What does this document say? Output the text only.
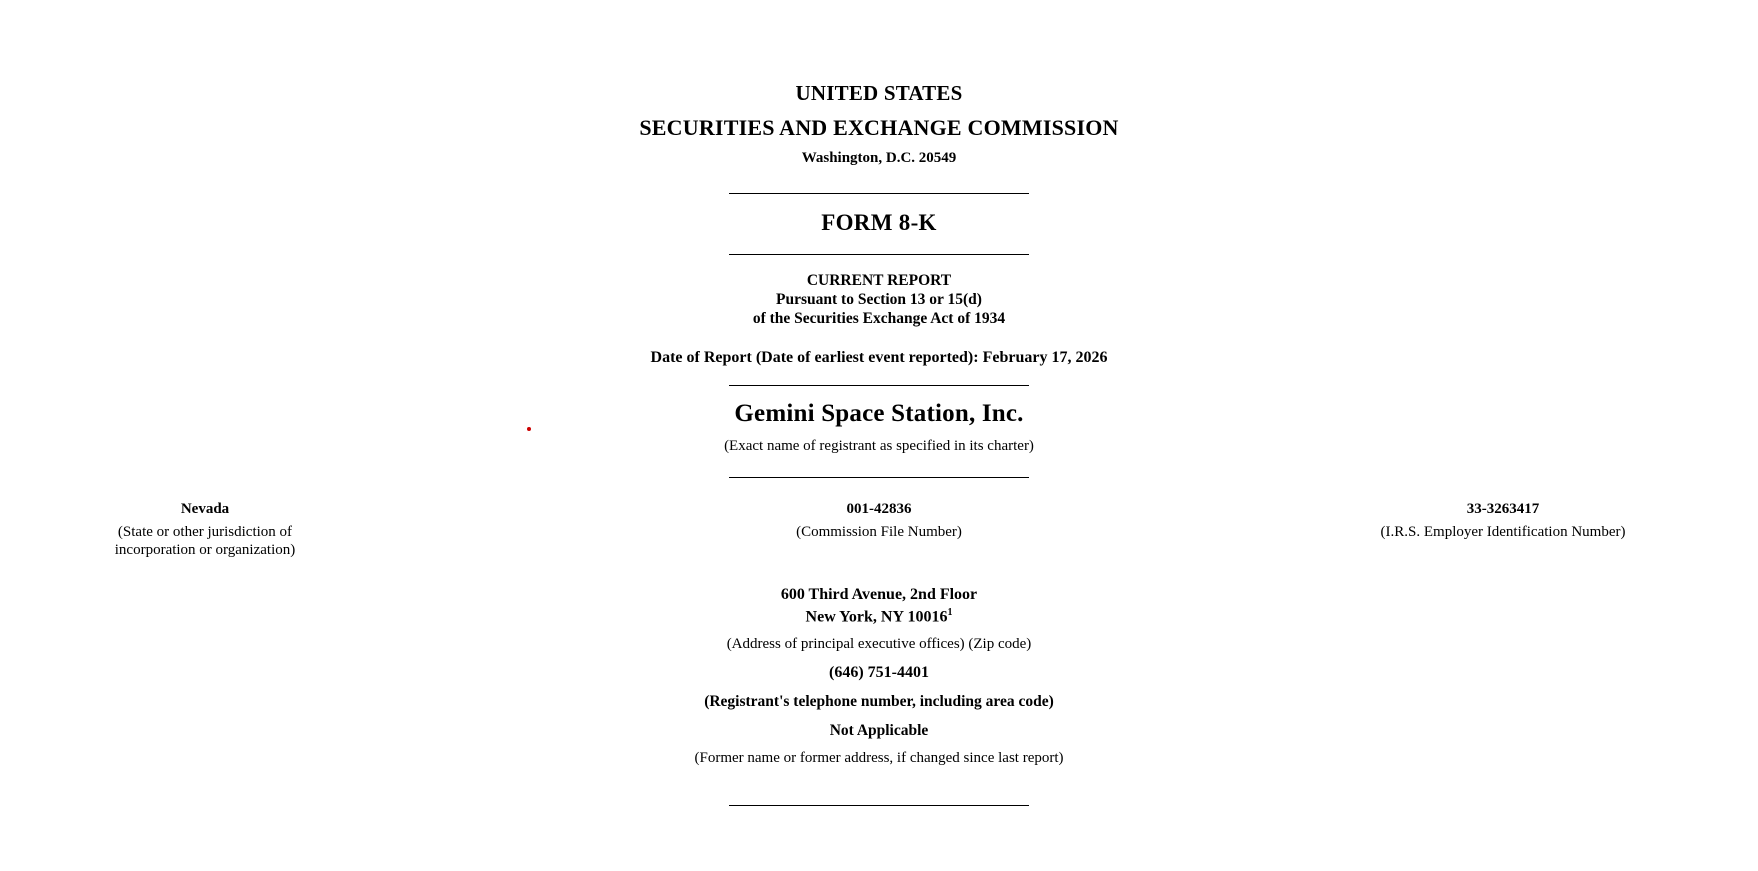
UNITED STATES
SECURITIES AND EXCHANGE COMMISSION
Washington, D.C. 20549
FORM 8-K
CURRENT REPORT
Pursuant to Section 13 or 15(d)
of the Securities Exchange Act of 1934
Date of Report (Date of earliest event reported): February 17, 2026
Gemini Space Station, Inc.
(Exact name of registrant as specified in its charter)
Nevada
(State or other jurisdiction of
incorporation or organization)
001-42836
(Commission File Number)
33-3263417
(I.R.S. Employer Identification Number)
600 Third Avenue, 2nd Floor
New York, NY 10016$^1$
(Address of principal executive offices) (Zip code)
(646) 751-4401
(Registrant's telephone number, including area code)
Not Applicable
(Former name or former address, if changed since last report)
